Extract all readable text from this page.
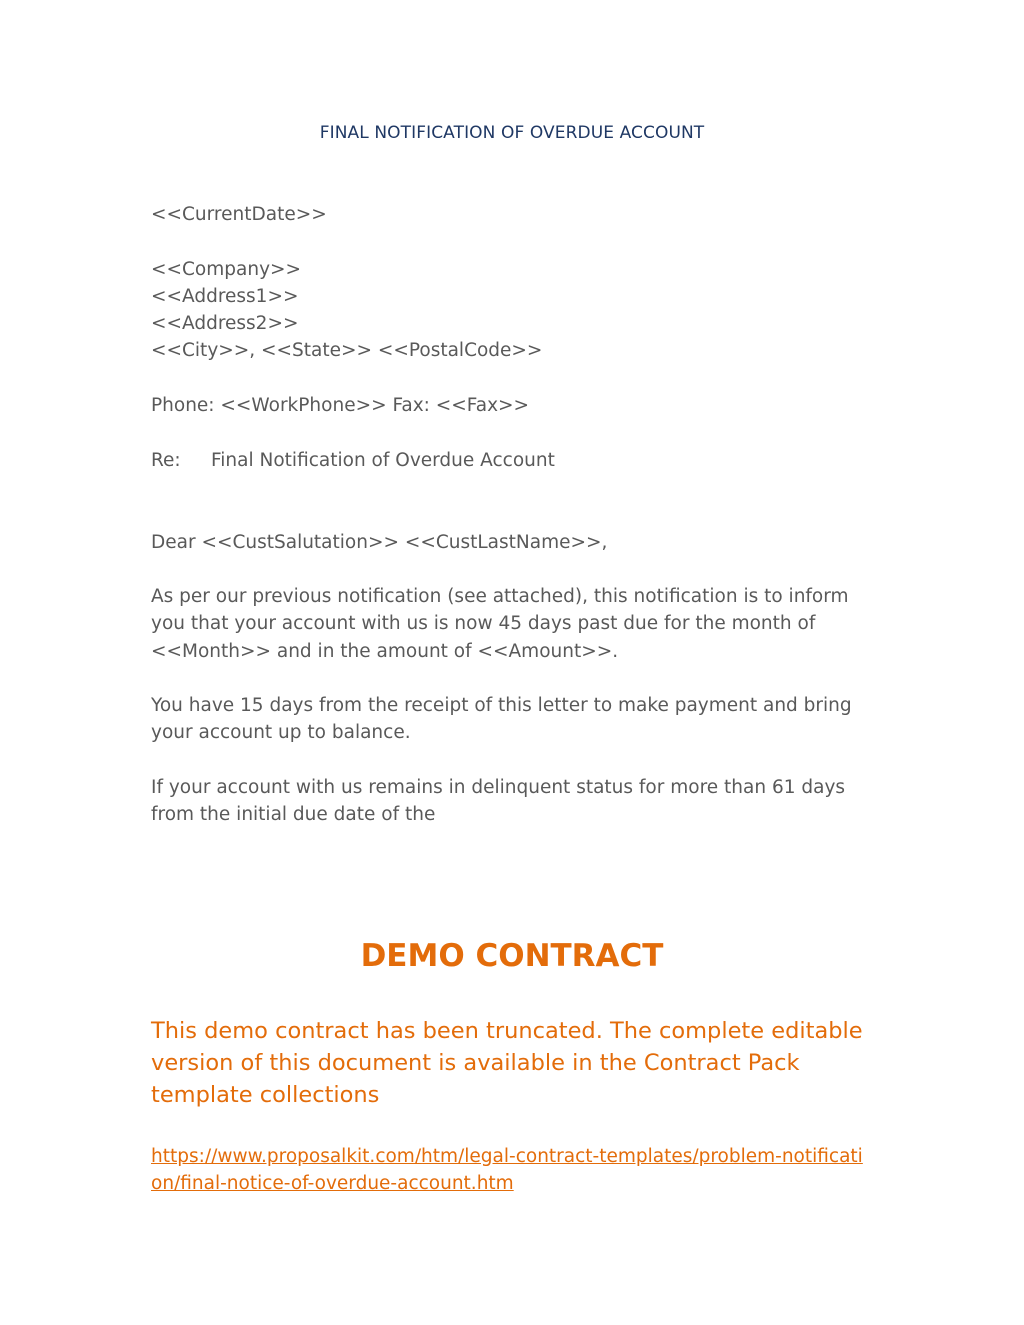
FINAL NOTIFICATION OF OVERDUE ACCOUNT
<<CurrentDate>>
<<Company>>
<<Address1>>
<<Address2>>
<<City>>, <<State>> <<PostalCode>>
Phone: <<WorkPhone>> Fax: <<Fax>>
Re: Final Notification of Overdue Account
Dear <<CustSalutation>> <<CustLastName>>,
As per our previous notification (see attached), this notification is to inform you that your account with us is now 45 days past due for the month of <<Month>> and in the amount of <<Amount>>.
You have 15 days from the receipt of this letter to make payment and bring your account up to balance.
If your account with us remains in delinquent status for more than 61 days from the initial due date of the
DEMO CONTRACT
This demo contract has been truncated. The complete editable version of this document is available in the Contract Pack template collections
https://www.proposalkit.com/htm/legal-contract-templates/problem-notification/final-notice-of-overdue-account.htm
